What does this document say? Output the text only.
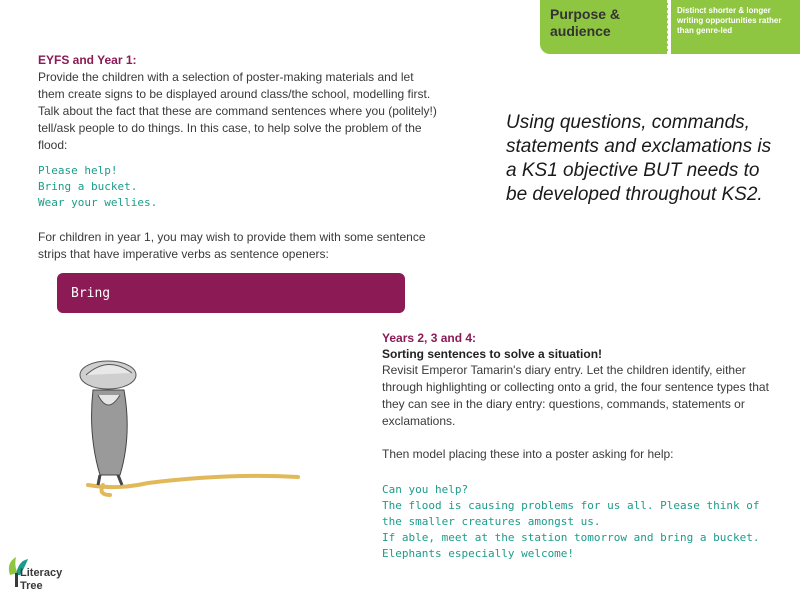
Purpose & audience
Distinct shorter & longer writing opportunities rather than genre-led
EYFS and Year 1:
Provide the children with a selection of poster-making materials and let them create signs to be displayed around class/the school, modelling first. Talk about the fact that these are command sentences where you (politely!) tell/ask people to do things. In this case, to help solve the problem of the flood:
Please help!
Bring a bucket.
Wear your wellies.
For children in year 1, you may wish to provide them with some sentence strips that have imperative verbs as sentence openers:
Bring
Using questions, commands, statements and exclamations is a KS1 objective BUT needs to be developed throughout KS2.
Years 2, 3 and 4:
Sorting sentences to solve a situation!
Revisit Emperor Tamarin's diary entry. Let the children identify, either through highlighting or collecting onto a grid, the four sentence types that they can see in the diary entry: questions, commands, statements or exclamations.
Then model placing these into a poster asking for help:
Can you help?
The flood is causing problems for us all. Please think of
the smaller creatures amongst us.
If able, meet at the station tomorrow and bring a bucket.
Elephants especially welcome!
Literacy
Tree
